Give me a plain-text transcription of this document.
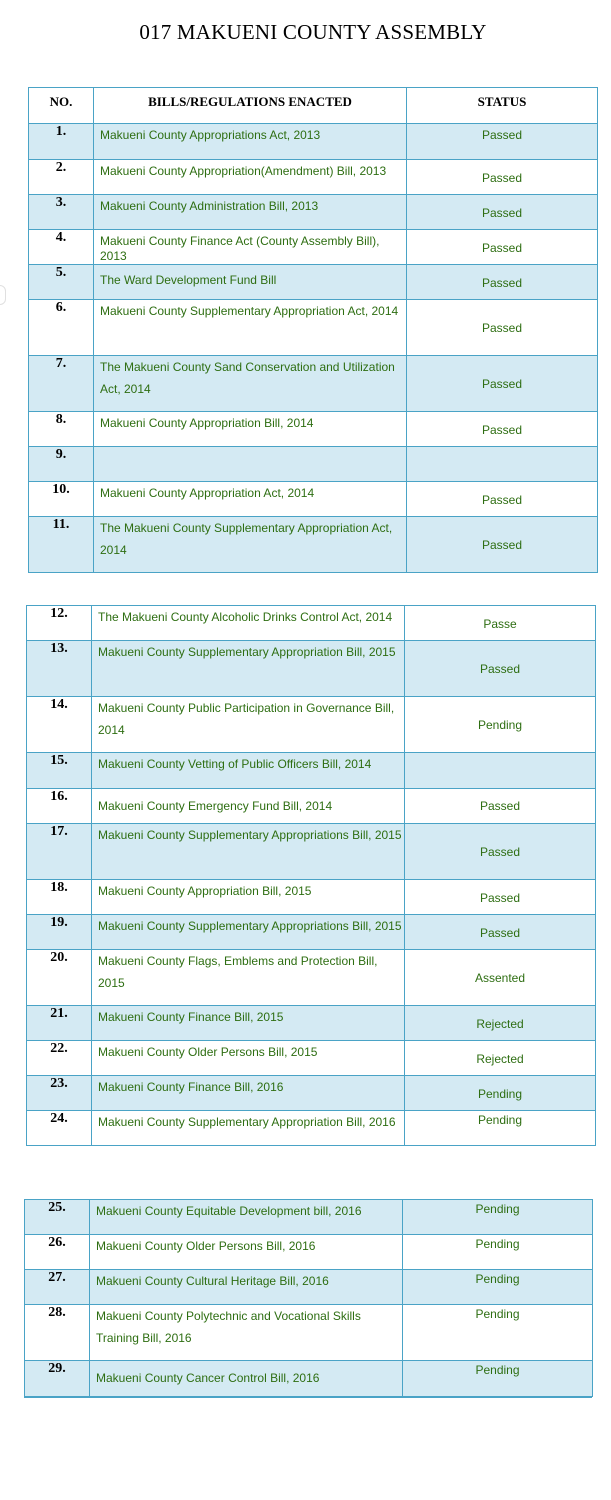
017 MAKUENI COUNTY ASSEMBLY
NO.	BILLS/REGULATIONS ENACTED	STATUS
1.	Makueni County Appropriations Act, 2013	Passed
2.	Makueni County Appropriation(Amendment) Bill, 2013	Passed
3.	Makueni County Administration Bill, 2013	Passed
4.	Makueni County Finance Act (County Assembly Bill), 2013	Passed
5.	The Ward Development Fund Bill	Passed
6.	Makueni County Supplementary Appropriation Act, 2014	Passed
7.	The Makueni County Sand Conservation and Utilization Act, 2014	Passed
8.	Makueni County Appropriation Bill, 2014	Passed
9.		
10.	Makueni County Appropriation Act, 2014	Passed
11.	The Makueni County Supplementary Appropriation Act, 2014	Passed
12.	The Makueni County Alcoholic Drinks Control Act, 2014	Passe
13.	Makueni County Supplementary Appropriation Bill, 2015	Passed
14.	Makueni County Public Participation in Governance Bill, 2014	Pending
15.	Makueni County Vetting of Public Officers Bill, 2014	
16.	Makueni County Emergency Fund Bill, 2014	Passed
17.	Makueni County Supplementary Appropriations Bill, 2015	Passed
18.	Makueni County Appropriation Bill, 2015	Passed
19.	Makueni County Supplementary Appropriations Bill, 2015	Passed
20.	Makueni County Flags, Emblems and Protection Bill, 2015	Assented
21.	Makueni County Finance Bill, 2015	Rejected
22.	Makueni County Older Persons Bill, 2015	Rejected
23.	Makueni County Finance Bill, 2016	Pending
24.	Makueni County Supplementary Appropriation Bill, 2016	Pending
25.	Makueni County Equitable Development bill, 2016	Pending
26.	Makueni County Older Persons Bill, 2016	Pending
27.	Makueni County Cultural Heritage Bill, 2016	Pending
28.	Makueni County Polytechnic and Vocational Skills Training Bill, 2016	Pending
29.	Makueni County Cancer Control Bill, 2016	Pending
